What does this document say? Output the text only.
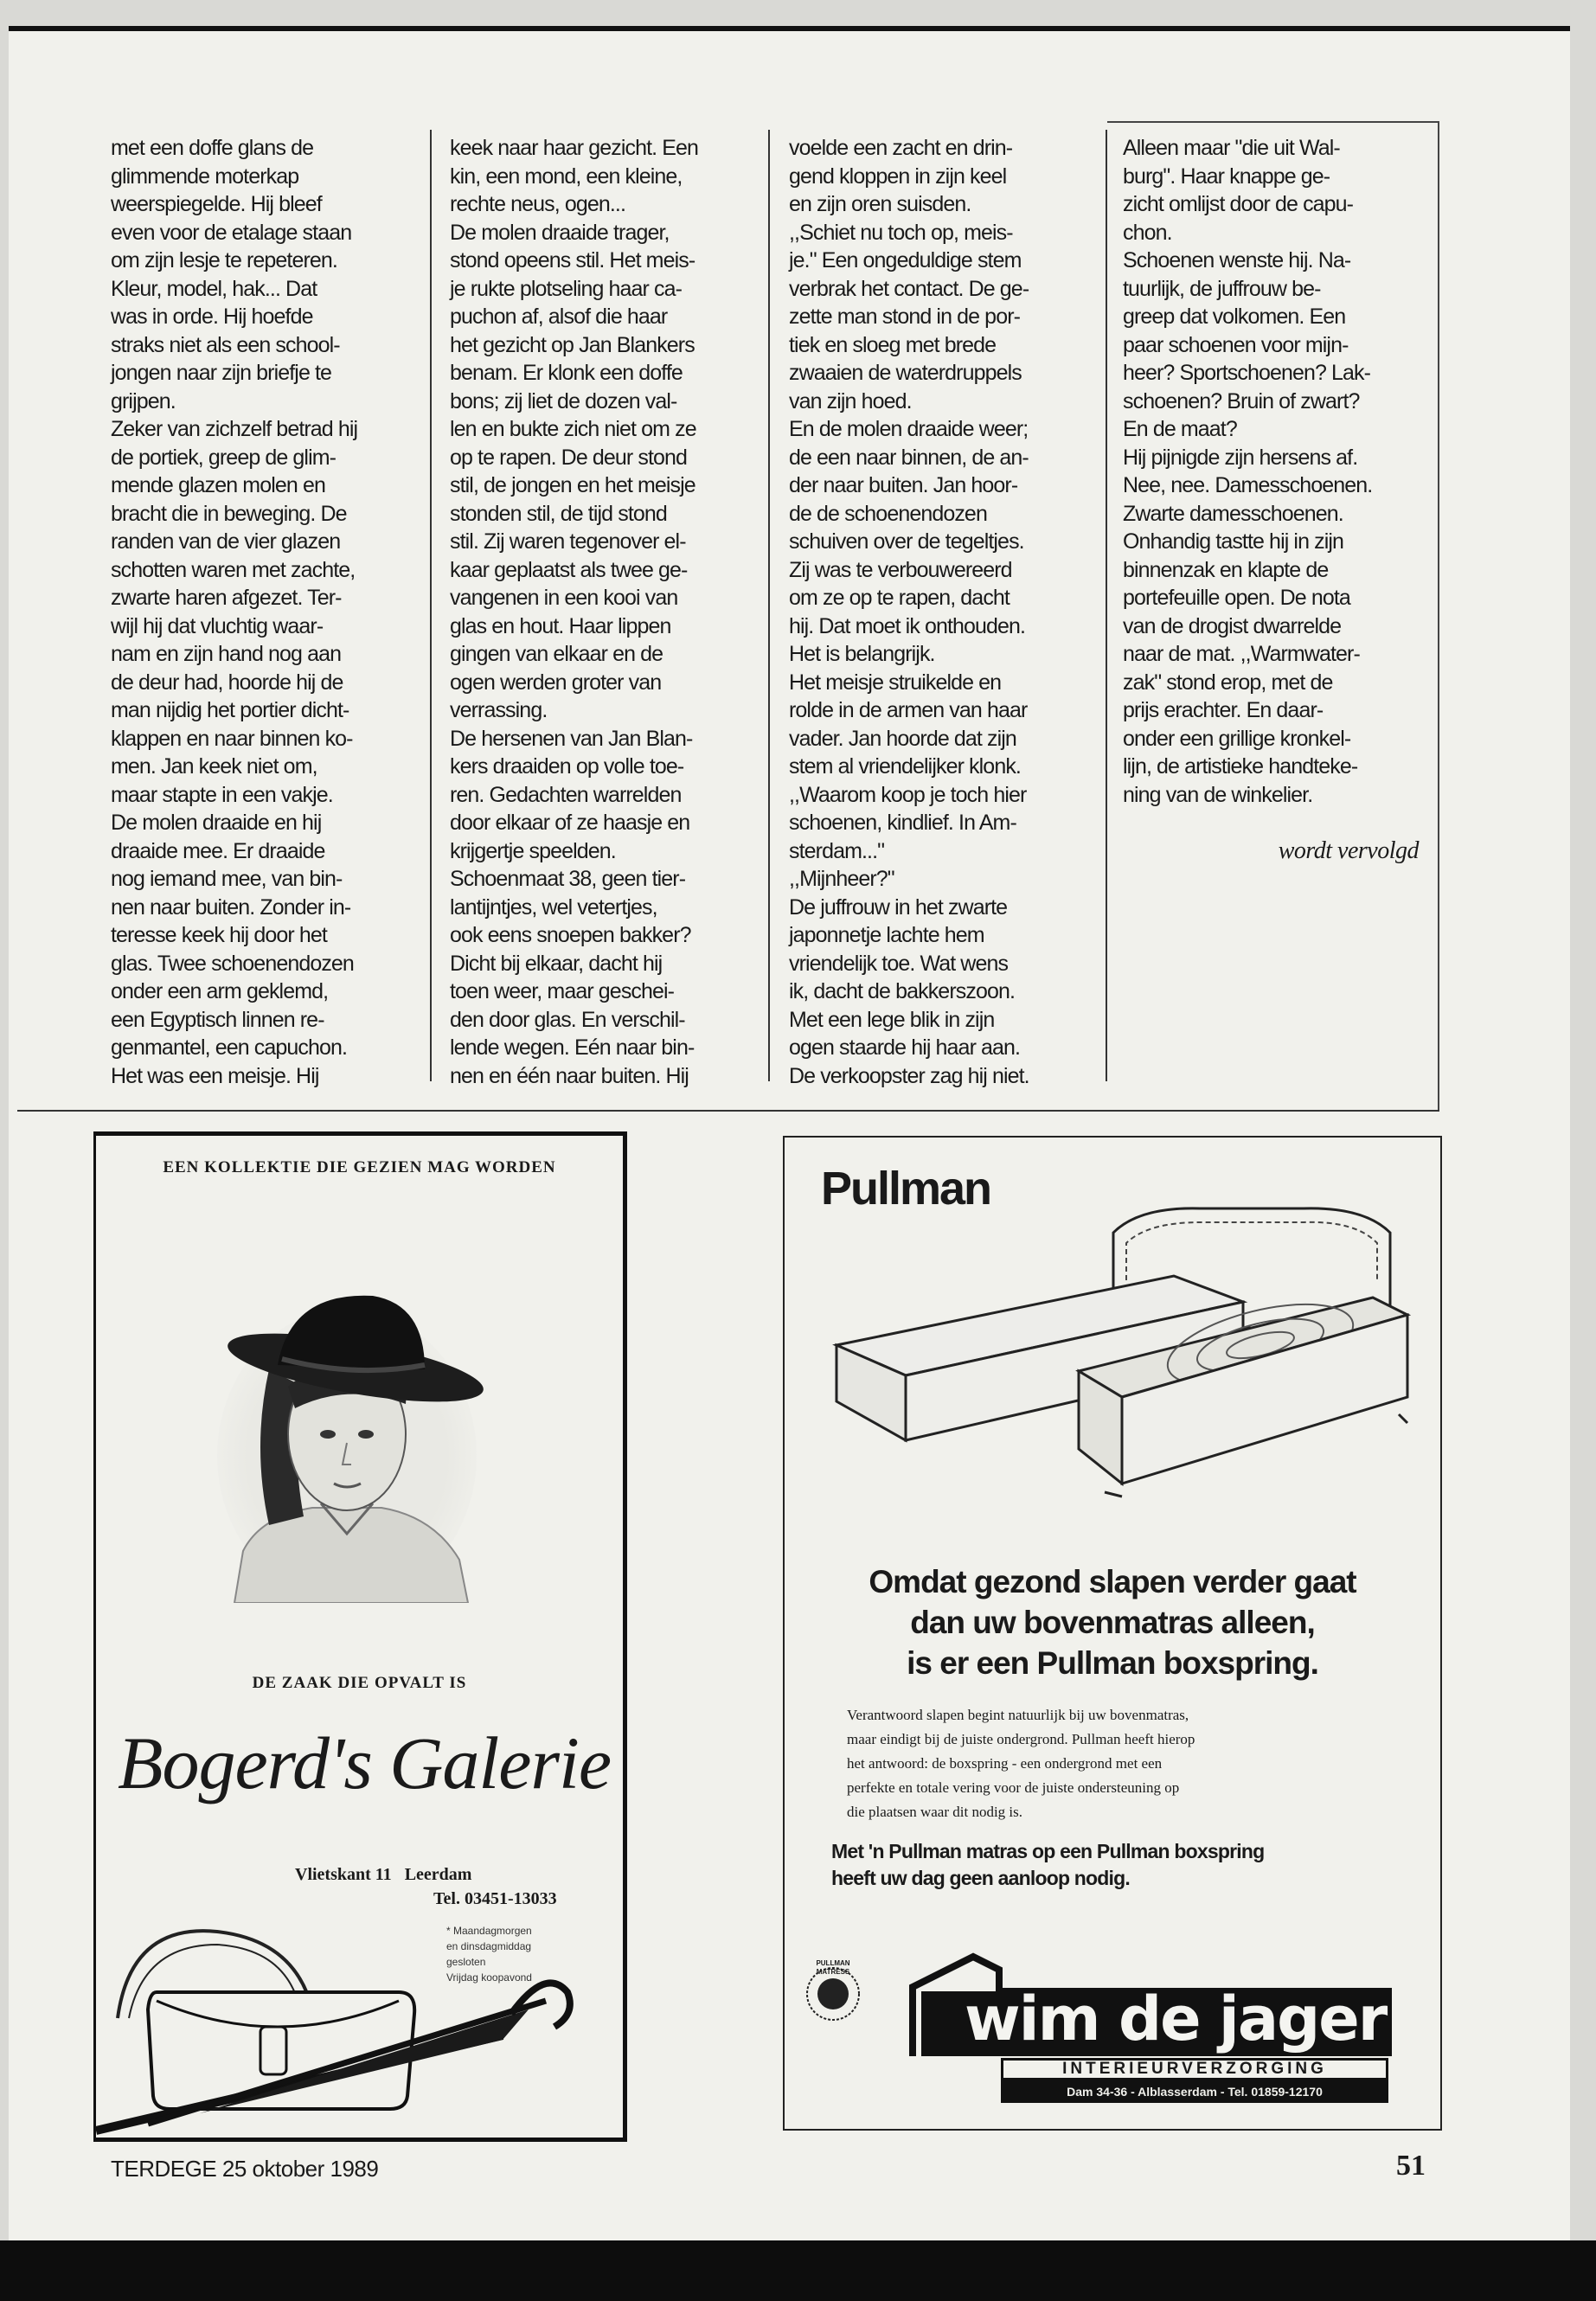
met een doffe glans de

glimmende moterkap

weerspiegelde. Hij bleef

even voor de etalage staan

om zijn lesje te repeteren.

Kleur, model, hak... Dat

was in orde. Hij hoefde

straks niet als een school-

jongen naar zijn briefje te

grijpen.

Zeker van zichzelf betrad hij

de portiek, greep de glim-

mende glazen molen en

bracht die in beweging. De

randen van de vier glazen

schotten waren met zachte,

zwarte haren afgezet. Ter-

wijl hij dat vluchtig waar-

nam en zijn hand nog aan

de deur had, hoorde hij de

man nijdig het portier dicht-

klappen en naar binnen ko-

men. Jan keek niet om,

maar stapte in een vakje.

De molen draaide en hij

draaide mee. Er draaide

nog iemand mee, van bin-

nen naar buiten. Zonder in-

teresse keek hij door het

glas. Twee schoenendozen

onder een arm geklemd,

een Egyptisch linnen re-

genmantel, een capuchon.

Het was een meisje. Hij

keek naar haar gezicht. Een

kin, een mond, een kleine,

rechte neus, ogen...

De molen draaide trager,

stond opeens stil. Het meis-

je rukte plotseling haar ca-

puchon af, alsof die haar

het gezicht op Jan Blankers

benam. Er klonk een doffe

bons; zij liet de dozen val-

len en bukte zich niet om ze

op te rapen. De deur stond

stil, de jongen en het meisje

stonden stil, de tijd stond

stil. Zij waren tegenover el-

kaar geplaatst als twee ge-

vangenen in een kooi van

glas en hout. Haar lippen

gingen van elkaar en de

ogen werden groter van

verrassing.

De hersenen van Jan Blan-

kers draaiden op volle toe-

ren. Gedachten warrelden

door elkaar of ze haasje en

krijgertje speelden.

Schoenmaat 38, geen tier-

lantijntjes, wel vetertjes,

ook eens snoepen bakker?

Dicht bij elkaar, dacht hij

toen weer, maar geschei-

den door glas. En verschil-

lende wegen. Eén naar bin-

nen en één naar buiten. Hij

voelde een zacht en drin-

gend kloppen in zijn keel

en zijn oren suisden.

,,Schiet nu toch op, meis-

je." Een ongeduldige stem

verbrak het contact. De ge-

zette man stond in de por-

tiek en sloeg met brede

zwaaien de waterdruppels

van zijn hoed.

En de molen draaide weer;

de een naar binnen, de an-

der naar buiten. Jan hoor-

de de schoenendozen

schuiven over de tegeltjes.

Zij was te verbouwereerd

om ze op te rapen, dacht

hij. Dat moet ik onthouden.

Het is belangrijk.

Het meisje struikelde en

rolde in de armen van haar

vader. Jan hoorde dat zijn

stem al vriendelijker klonk.

,,Waarom koop je toch hier

schoenen, kindlief. In Am-

sterdam..."

,,Mijnheer?"

De juffrouw in het zwarte

japonnetje lachte hem

vriendelijk toe. Wat wens

ik, dacht de bakkerszoon.

Met een lege blik in zijn

ogen staarde hij haar aan.

De verkoopster zag hij niet.

Alleen maar "die uit Wal-

burg". Haar knappe ge-

zicht omlijst door de capu-

chon.

Schoenen wenste hij. Na-

tuurlijk, de juffrouw be-

greep dat volkomen. Een

paar schoenen voor mijn-

heer? Sportschoenen? Lak-

schoenen? Bruin of zwart?

En de maat?

Hij pijnigde zijn hersens af.

Nee, nee. Damesschoenen.

Zwarte damesschoenen.

Onhandig tastte hij in zijn

binnenzak en klapte de

portefeuille open. De nota

van de drogist dwarrelde

naar de mat. ,,Warmwater-

zak" stond erop, met de

prijs erachter. En daar-

onder een grillige kronkel-

lijn, de artistieke handteke-

ning van de winkelier.

wordt vervolgd
EEN KOLLEKTIE DIE GEZIEN MAG WORDEN
DE ZAAK DIE OPVALT IS
Bogerd's Galerie
Vlietskant 11 Leerdam
Tel. 03451-13033

* Maandagmorgen

en dinsdagmiddag

gesloten

Vrijdag koopavond

Pullman

Omdat gezond slapen verder gaat

dan uw bovenmatras alleen,

is er een Pullman boxspring.

Verantwoord slapen begint natuurlijk bij uw bovenmatras,

maar eindigt bij de juiste ondergrond. Pullman heeft hierop

het antwoord: de boxspring - een ondergrond met een

perfekte en totale vering voor de juiste ondersteuning op

die plaatsen waar dit nodig is.

Met 'n Pullman matras op een Pullman boxspring

heeft uw dag geen aanloop nodig.

PULLMAN MATRESS
wim de jager
INTERIEURVERZORGING
Dam 34-36 - Alblasserdam - Tel. 01859-12170
TERDEGE 25 oktober 1989	51
